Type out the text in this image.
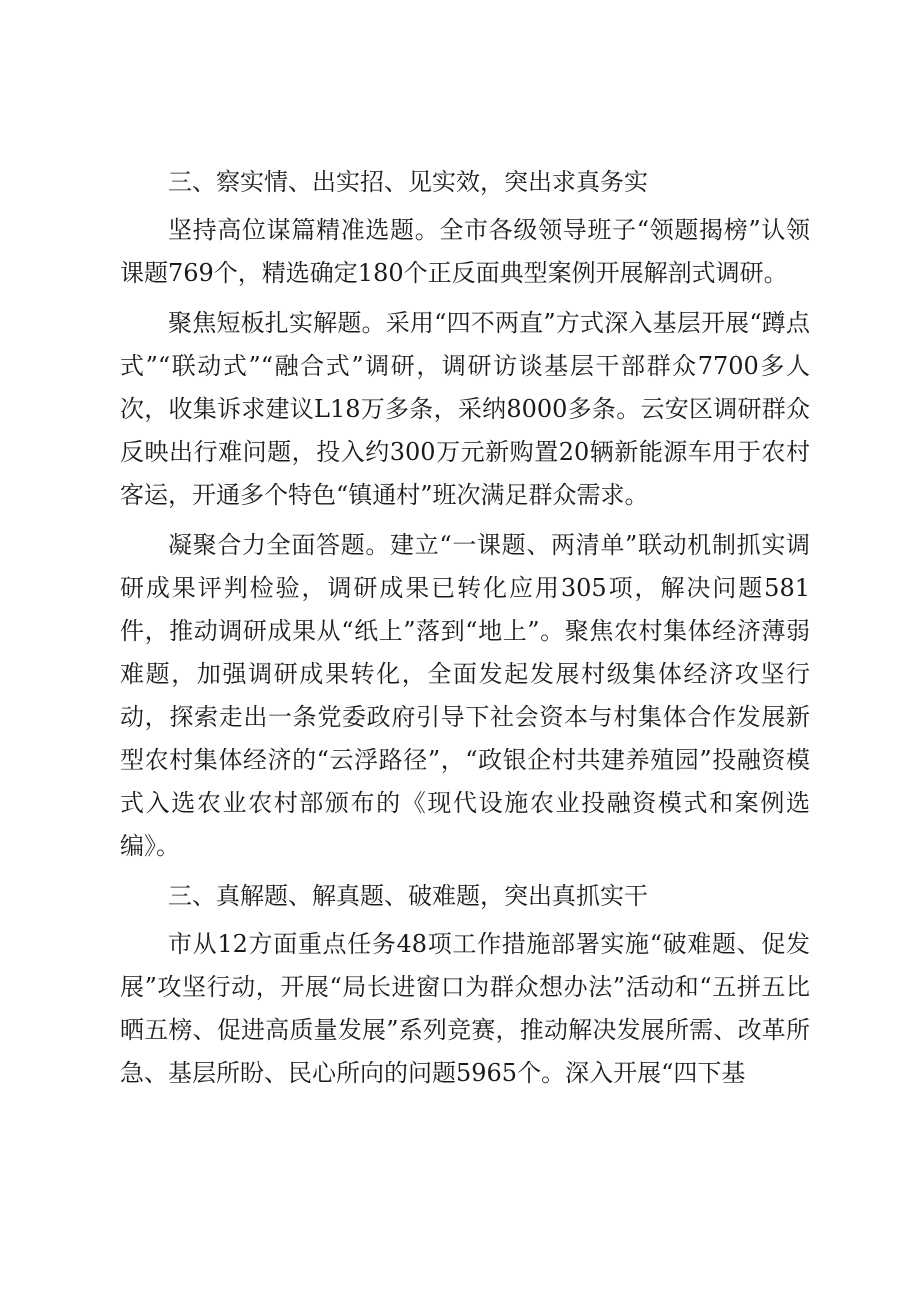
三、察实情、出实招、见实效，突出求真务实

坚持高位谋篇精准选题。全市各级领导班子“领题揭榜”认领课题769个，精选确定180个正反面典型案例开展解剖式调研。

聚焦短板扎实解题。采用“四不两直”方式深入基层开展“蹲点式”“联动式”“融合式”调研，调研访谈基层干部群众7700多人次，收集诉求建议L18万多条，采纳8000多条。云安区调研群众反映出行难问题，投入约300万元新购置20辆新能源车用于农村客运，开通多个特色“镇通村”班次满足群众需求。

凝聚合力全面答题。建立“一课题、两清单”联动机制抓实调研成果评判检验，调研成果已转化应用305项，解决问题581件，推动调研成果从“纸上”落到“地上”。聚焦农村集体经济薄弱难题，加强调研成果转化，全面发起发展村级集体经济攻坚行动，探索走出一条党委政府引导下社会资本与村集体合作发展新型农村集体经济的“云浮路径”，“政银企村共建养殖园”投融资模式入选农业农村部颁布的《现代设施农业投融资模式和案例选编》。

三、真解题、解真题、破难题，突出真抓实干

市从12方面重点任务48项工作措施部署实施“破难题、促发展”攻坚行动，开展“局长进窗口为群众想办法”活动和“五拼五比晒五榜、促进高质量发展”系列竞赛，推动解决发展所需、改革所急、基层所盼、民心所向的问题5965个。深入开展“四下基
